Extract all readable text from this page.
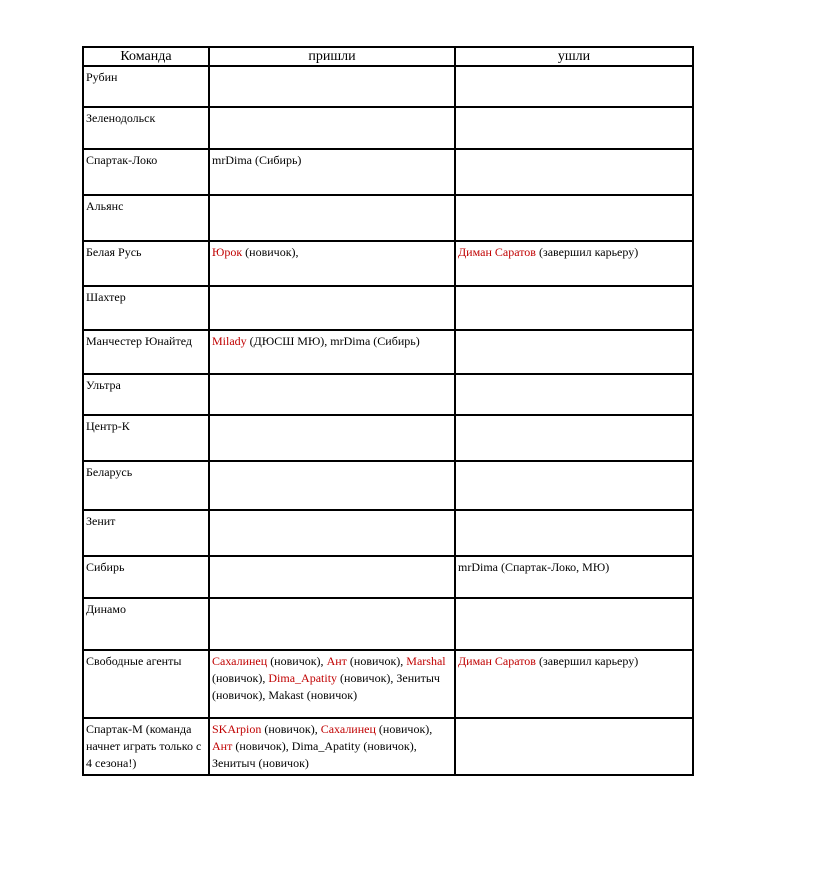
Команда	пришли	ушли
Рубин		
Зеленодольск		
Спартак-Локо	mrDima (Сибирь)	
Альянс		
Белая Русь	Юрок (новичок),	Диман Саратов (завершил карьеру)
Шахтер		
Манчестер Юнайтед	Milady (ДЮСШ МЮ), mrDima (Сибирь)	
Ультра		
Центр-К		
Беларусь		
Зенит		
Сибирь		mrDima (Спартак-Локо, МЮ)
Динамо		
Свободные агенты	Сахалинец (новичок), Ант (новичок), Marshal (новичок), Dima_Apatity (новичок), Зенитыч (новичок), Makast (новичок)	Диман Саратов (завершил карьеру)
Спартак-М (команда начнет играть только с 4 сезона!)	SKArpion (новичок), Сахалинец (новичок), Ант (новичок), Dima_Apatity (новичок), Зенитыч (новичок)	
